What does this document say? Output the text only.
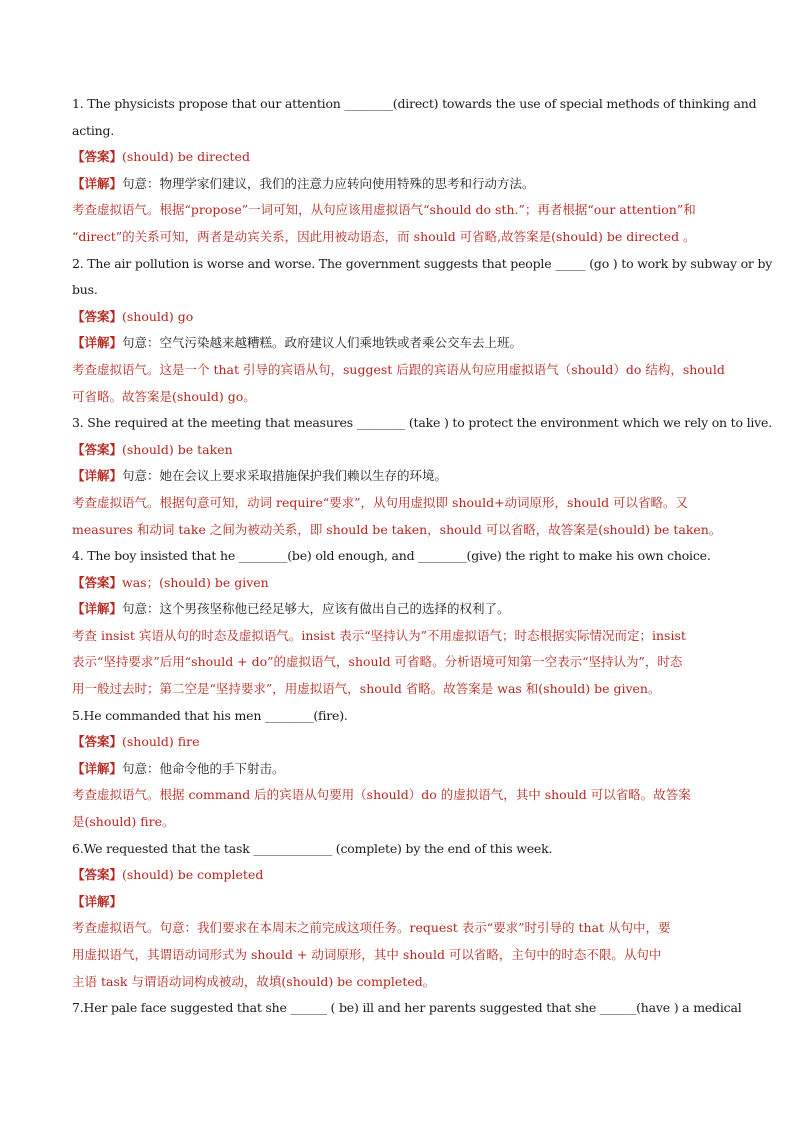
1. The physicists propose that our attention ________(direct) towards the use of special methods of thinking and
acting.
【答案】(should) be directed
【详解】句意：物理学家们建议，我们的注意力应转向使用特殊的思考和行动方法。
考查虚拟语气。根据“propose”一词可知，从句应该用虚拟语气“should do sth.”；再者根据“our attention”和
“direct”的关系可知，两者是动宾关系，因此用被动语态，而 should 可省略,故答案是(should) be directed 。
2. The air pollution is worse and worse. The government suggests that people _____ (go ) to work by subway or by
bus.
【答案】(should) go
【详解】句意：空气污染越来越糟糕。政府建议人们乘地铁或者乘公交车去上班。
考查虚拟语气。这是一个 that 引导的宾语从句，suggest 后跟的宾语从句应用虚拟语气（should）do 结构，should
可省略。故答案是(should) go。
3. She required at the meeting that measures ________ (take ) to protect the environment which we rely on to live.
【答案】(should) be taken
【详解】句意：她在会议上要求采取措施保护我们赖以生存的环境。
考查虚拟语气。根据句意可知，动词 require“要求”，从句用虚拟即 should+动词原形，should 可以省略。又
measures 和动词 take 之间为被动关系，即 should be taken，should 可以省略，故答案是(should) be taken。
4. The boy insisted that he ________(be) old enough, and ________(give) the right to make his own choice.
【答案】was；(should) be given
【详解】句意：这个男孩坚称他已经足够大，应该有做出自己的选择的权利了。
考查 insist 宾语从句的时态及虚拟语气。insist 表示“坚持认为”不用虚拟语气；时态根据实际情况而定；insist
表示“坚持要求”后用“should + do”的虚拟语气，should 可省略。分析语境可知第一空表示“坚持认为”，时态
用一般过去时；第二空是“坚持要求”，用虚拟语气，should 省略。故答案是 was 和(should) be given。
5.He commanded that his men ________(fire).
【答案】(should) fire
【详解】句意：他命令他的手下射击。
考查虚拟语气。根据 command 后的宾语从句要用（should）do 的虚拟语气，其中 should 可以省略。故答案
是(should) fire。
6.We requested that the task _____________ (complete) by the end of this week.
【答案】(should) be completed
【详解】
考查虚拟语气。句意：我们要求在本周末之前完成这项任务。request 表示“要求”时引导的 that 从句中，要
用虚拟语气，其谓语动词形式为 should + 动词原形，其中 should 可以省略，主句中的时态不限。从句中
主语 task 与谓语动词构成被动，故填(should) be completed。
7.Her pale face suggested that she ______ ( be) ill and her parents suggested that she ______(have ) a medical
